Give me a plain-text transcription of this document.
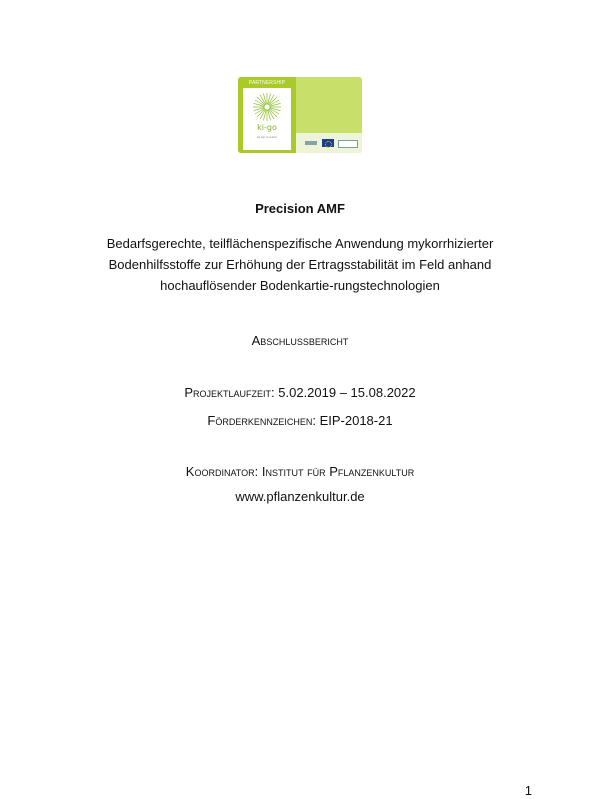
PARTNERSHIP
ki-go
eip agri innovation
Precision AMF
Bedarfsgerechte, teilflächenspezifische Anwendung mykorrhizierter Bodenhilfsstoffe zur Erhöhung der Ertragsstabilität im Feld anhand hochauflösender Bodenkartie-rungstechnologien
Abschlussbericht
Projektlaufzeit: 5.02.2019 – 15.08.2022
Förderkennzeichen: EIP-2018-21
Koordinator: Institut für Pflanzenkultur
www.pflanzenkultur.de
1
